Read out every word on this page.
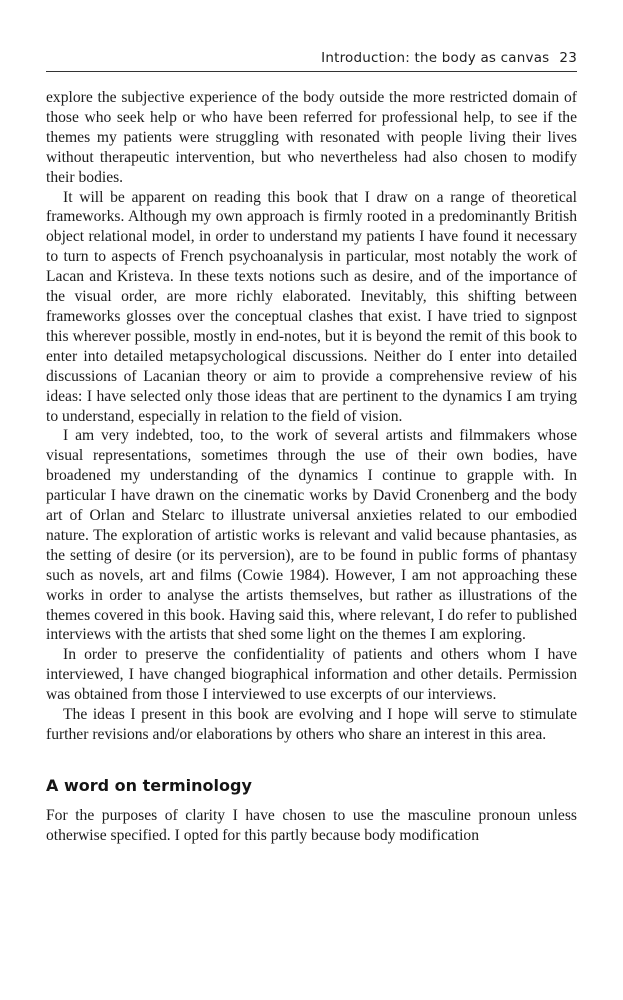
Introduction: the body as canvas 23

explore the subjective experience of the body outside the more restricted domain of those who seek help or who have been referred for professional help, to see if the themes my patients were struggling with resonated with people living their lives without therapeutic intervention, but who nevertheless had also chosen to modify their bodies.

It will be apparent on reading this book that I draw on a range of theoretical frameworks. Although my own approach is firmly rooted in a predominantly British object relational model, in order to understand my patients I have found it necessary to turn to aspects of French psychoanalysis in particular, most notably the work of Lacan and Kristeva. In these texts notions such as desire, and of the importance of the visual order, are more richly elaborated. Inevitably, this shifting between frameworks glosses over the conceptual clashes that exist. I have tried to signpost this wherever possible, mostly in end-notes, but it is beyond the remit of this book to enter into detailed metapsychological discussions. Neither do I enter into detailed discussions of Lacanian theory or aim to provide a comprehensive review of his ideas: I have selected only those ideas that are pertinent to the dynamics I am trying to understand, especially in relation to the field of vision.

I am very indebted, too, to the work of several artists and filmmakers whose visual representations, sometimes through the use of their own bodies, have broadened my understanding of the dynamics I continue to grapple with. In particular I have drawn on the cinematic works by David Cronenberg and the body art of Orlan and Stelarc to illustrate universal anxieties related to our embodied nature. The exploration of artistic works is relevant and valid because phantasies, as the setting of desire (or its perversion), are to be found in public forms of phantasy such as novels, art and films (Cowie 1984). However, I am not approaching these works in order to analyse the artists themselves, but rather as illustrations of the themes covered in this book. Having said this, where relevant, I do refer to published interviews with the artists that shed some light on the themes I am exploring.

In order to preserve the confidentiality of patients and others whom I have interviewed, I have changed biographical information and other details. Permission was obtained from those I interviewed to use excerpts of our interviews.

The ideas I present in this book are evolving and I hope will serve to stimulate further revisions and/or elaborations by others who share an interest in this area.

A word on terminology

For the purposes of clarity I have chosen to use the masculine pronoun unless otherwise specified. I opted for this partly because body modification
